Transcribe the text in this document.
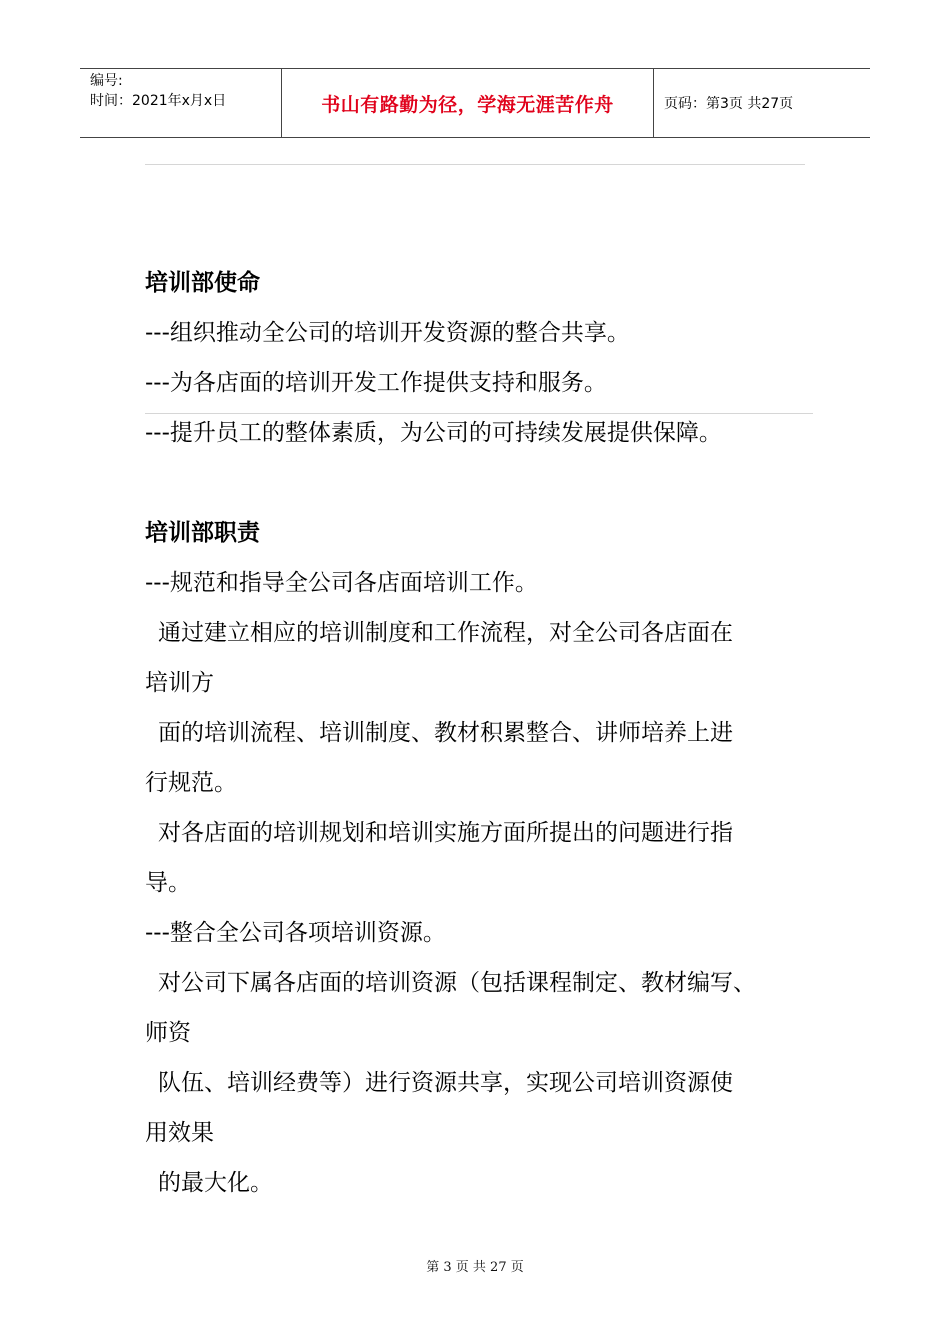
编号:
时间：2021年x月x日	书山有路勤为径，学海无涯苦作舟	页码：第3页 共27页
培训部使命
---组织推动全公司的培训开发资源的整合共享。
---为各店面的培训开发工作提供支持和服务。
---提升员工的整体素质，为公司的可持续发展提供保障。
培训部职责
---规范和指导全公司各店面培训工作。
通过建立相应的培训制度和工作流程，对全公司各店面在
培训方
面的培训流程、培训制度、教材积累整合、讲师培养上进
行规范。
对各店面的培训规划和培训实施方面所提出的问题进行指
导。
---整合全公司各项培训资源。
对公司下属各店面的培训资源（包括课程制定、教材编写、
师资
队伍、培训经费等）进行资源共享，实现公司培训资源使
用效果
的最大化。
第 3 页 共 27 页
